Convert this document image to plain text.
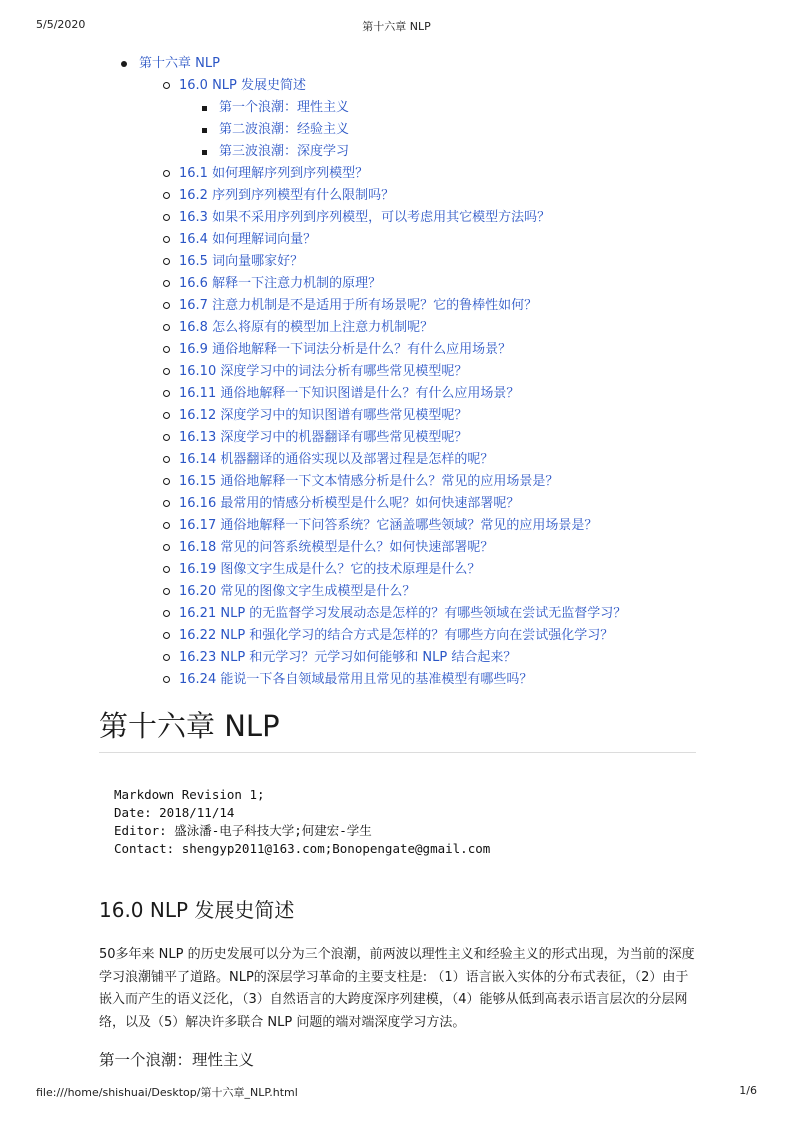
5/5/2020	第十六章 NLP
第十六章 NLP
16.0 NLP 发展史简述
第一个浪潮：理性主义
第二波浪潮：经验主义
第三波浪潮：深度学习
16.1 如何理解序列到序列模型？
16.2 序列到序列模型有什么限制吗？
16.3 如果不采用序列到序列模型，可以考虑用其它模型方法吗？
16.4 如何理解词向量？
16.5 词向量哪家好？
16.6 解释一下注意力机制的原理？
16.7 注意力机制是不是适用于所有场景呢？它的鲁棒性如何？
16.8 怎么将原有的模型加上注意力机制呢？
16.9 通俗地解释一下词法分析是什么？有什么应用场景？
16.10 深度学习中的词法分析有哪些常见模型呢？
16.11 通俗地解释一下知识图谱是什么？有什么应用场景？
16.12 深度学习中的知识图谱有哪些常见模型呢？
16.13 深度学习中的机器翻译有哪些常见模型呢？
16.14 机器翻译的通俗实现以及部署过程是怎样的呢？
16.15 通俗地解释一下文本情感分析是什么？常见的应用场景是？
16.16 最常用的情感分析模型是什么呢？如何快速部署呢？
16.17 通俗地解释一下问答系统？它涵盖哪些领域？常见的应用场景是？
16.18 常见的问答系统模型是什么？如何快速部署呢？
16.19 图像文字生成是什么？它的技术原理是什么？
16.20 常见的图像文字生成模型是什么？
16.21 NLP 的无监督学习发展动态是怎样的？有哪些领域在尝试无监督学习？
16.22 NLP 和强化学习的结合方式是怎样的？有哪些方向在尝试强化学习？
16.23 NLP 和元学习？元学习如何能够和 NLP 结合起来？
16.24 能说一下各自领域最常用且常见的基准模型有哪些吗？
第十六章 NLP
Markdown Revision 1;
Date: 2018/11/14
Editor: 盛泳潘-电子科技大学;何建宏-学生
Contact: shengyp2011@163.com;Bonopengate@gmail.com
16.0 NLP 发展史简述

50多年来 NLP 的历史发展可以分为三个浪潮，前两波以理性主义和经验主义的形式出现，为当前的深度学习浪潮铺平了道路。NLP的深层学习革命的主要支柱是: （1）语言嵌入实体的分布式表征，（2）由于嵌入而产生的语义泛化，（3）自然语言的大跨度深序列建模，（4）能够从低到高表示语言层次的分层网络，以及（5）解决许多联合 NLP 问题的端对端深度学习方法。

第一个浪潮：理性主义
file:///home/shishuai/Desktop/第十六章_NLP.html	1/6
